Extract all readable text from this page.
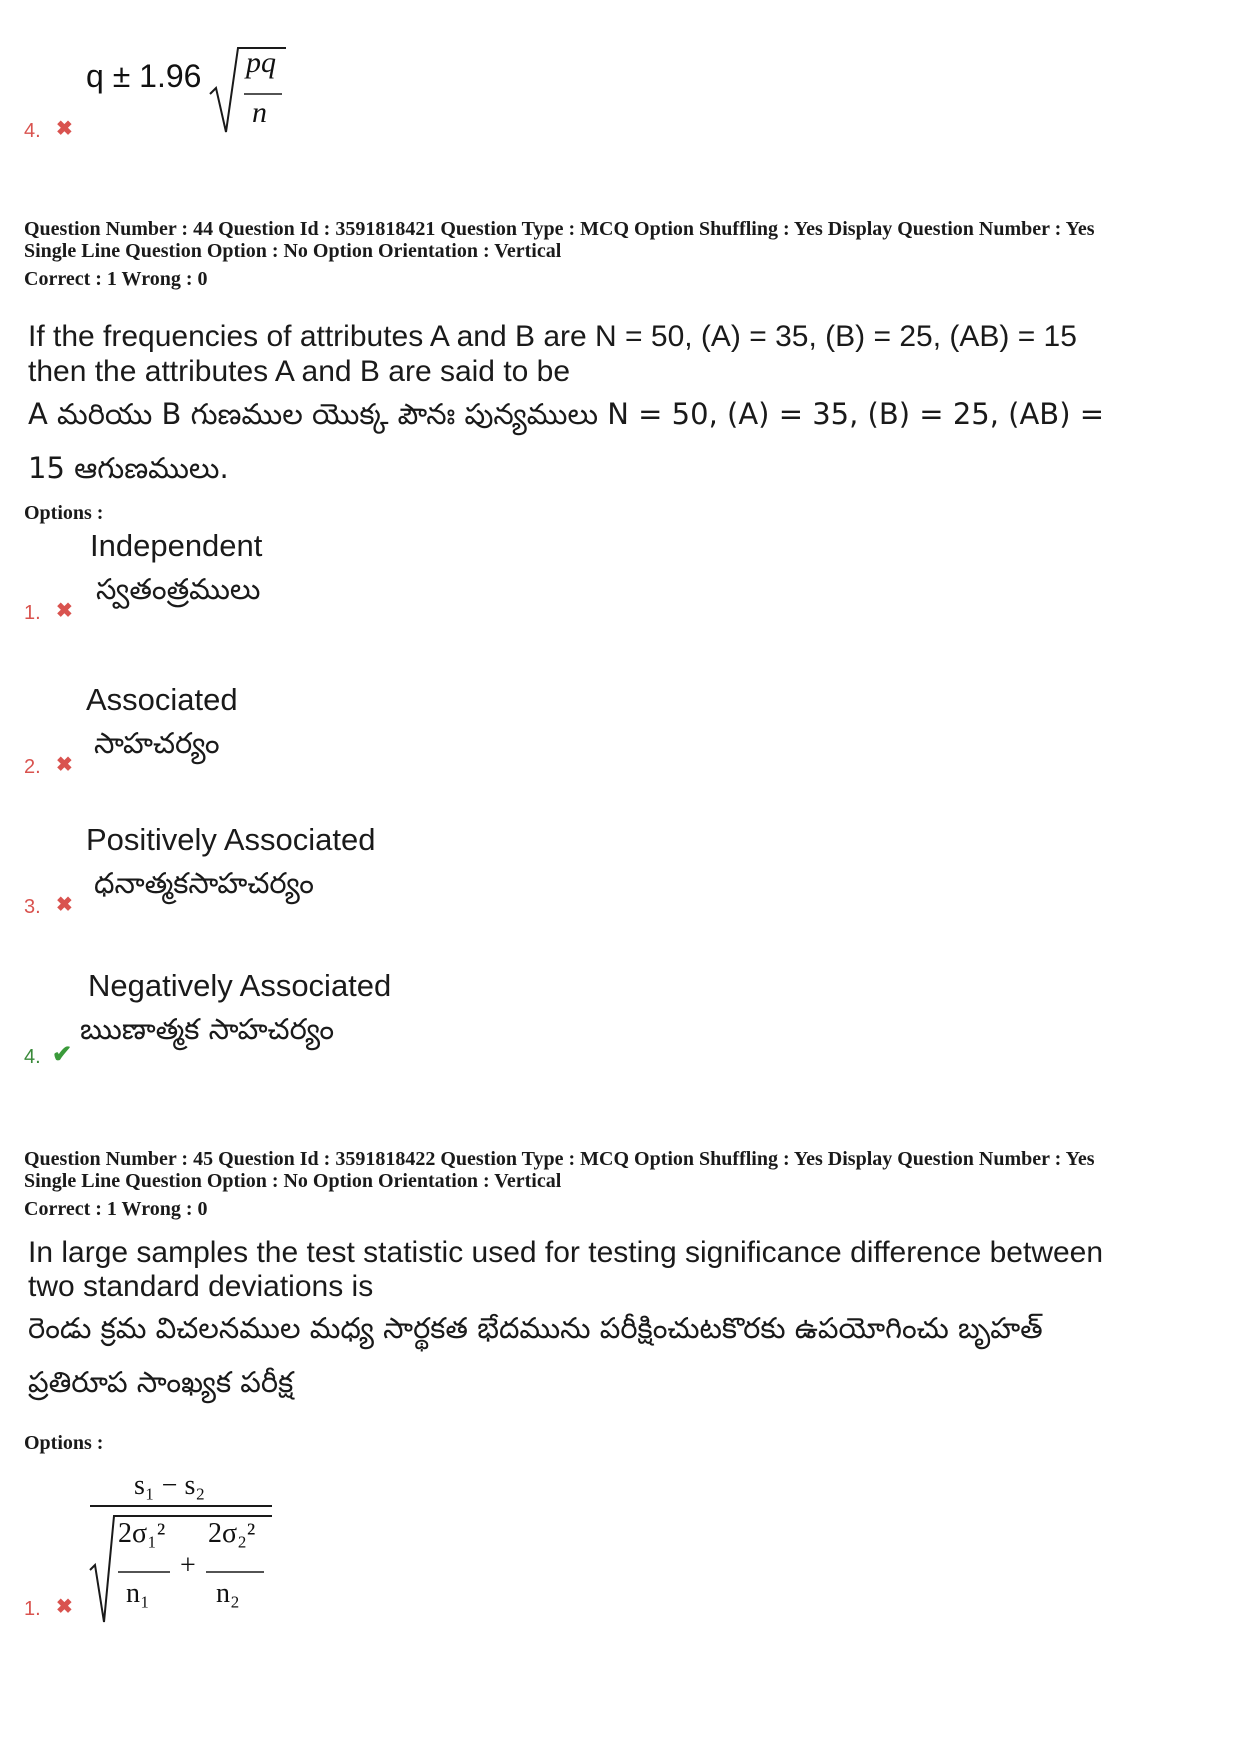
q ± 1.96 pq
n
4. ✖
Question Number : 44 Question Id : 3591818421 Question Type : MCQ Option Shuffling : Yes Display Question Number : Yes
Single Line Question Option : No Option Orientation : Vertical
Correct : 1 Wrong : 0
If the frequencies of attributes A and B are N = 50, (A) = 35, (B) = 25, (AB) = 15
then the attributes A and B are said to be
A మరియు B గుణముల యొక్క పౌనః పున్యములు N = 50, (A) = 35, (B) = 25, (AB) =
15 ఆగుణములు.
Options :
Independent
స్వతంత్రములు
1. ✖
Associated
సాహచర్యం
2. ✖
Positively Associated
ధనాత్మకసాహచర్యం
3. ✖
Negatively Associated
ఋణాత్మక సాహచర్యం
4. ✔
Question Number : 45 Question Id : 3591818422 Question Type : MCQ Option Shuffling : Yes Display Question Number : Yes
Single Line Question Option : No Option Orientation : Vertical
Correct : 1 Wrong : 0
In large samples the test statistic used for testing significance difference between
two standard deviations is
రెండు క్రమ విచలనముల మధ్య సార్థకత భేదమును పరీక్షించుటకొరకు ఉపయోగించు బృహత్
ప్రతిరూప సాంఖ్యక పరీక్ష
Options :
s₁ − s₂
2σ₁²
n₁
+
2σ₂²
n₂
1. ✖
